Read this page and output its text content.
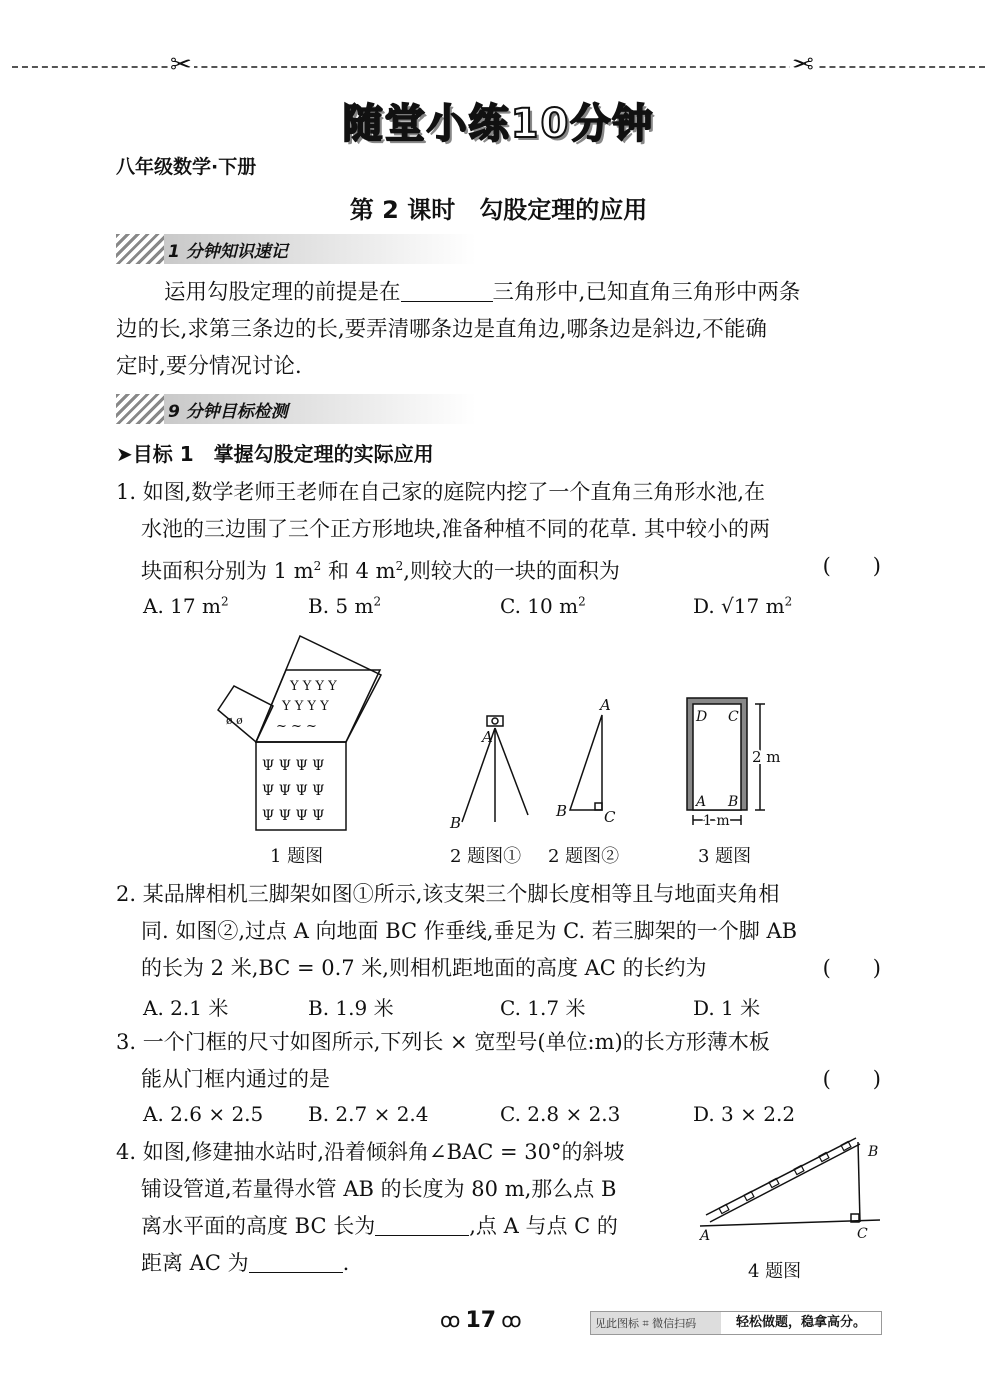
✂	✂
随堂小练10分钟
八年级数学·下册
第 2 课时　勾股定理的应用
1 分钟知识速记
运用勾股定理的前提是在	三角形中,已知直角三角形中两条
边的长,求第三条边的长,要弄清哪条边是直角边,哪条边是斜边,不能确
定时,要分情况讨论.
9 分钟目标检测
➤目标 1　掌握勾股定理的实际应用
1. 如图,数学老师王老师在自己家的庭院内挖了一个直角三角形水池,在
水池的三边围了三个正方形地块,准备种植不同的花草. 其中较小的两
块面积分别为 1 $m^2$ 和 4 $m^2$,则较大的一块的面积为	(　　)
A. 17 $m^2$	B. 5 $m^2$	C. 10 $m^2$	D. √17 $m^2$
Ψ Ψ Ψ Ψ
Ψ Ψ Ψ Ψ
Ψ Ψ Ψ Ψ
Y Y Y Y
Y Y Y Y
~ ~ ~
ø ø
A
B
A
B C
D C
A B
2 m
1 m
1 题图	2 题图① 2 题图②	3 题图
2. 某品牌相机三脚架如图①所示,该支架三个脚长度相等且与地面夹角相
同. 如图②,过点 A 向地面 BC 作垂线,垂足为 C. 若三脚架的一个脚 AB
的长为 2 米,BC = 0.7 米,则相机距地面的高度 AC 的长约为	(　　)
A. 2.1 米	B. 1.9 米	C. 1.7 米	D. 1 米
3. 一个门框的尺寸如图所示,下列长 × 宽型号(单位:m)的长方形薄木板
能从门框内通过的是	(　　)
A. 2.6 × 2.5 B. 2.7 × 2.4	C. 2.8 × 2.3	D. 3 × 2.2
4. 如图,修建抽水站时,沿着倾斜角∠BAC = 30°的斜坡
铺设管道,若量得水管 AB 的长度为 80 m,那么点 B
离水平面的高度 BC 长为	,点 A 与点 C 的
距离 AC 为	.
A
B
C
4 题图
ꝏ 17 ꝏ	见此图标 ⌗ 微信扫码	轻松做题，稳拿高分。
